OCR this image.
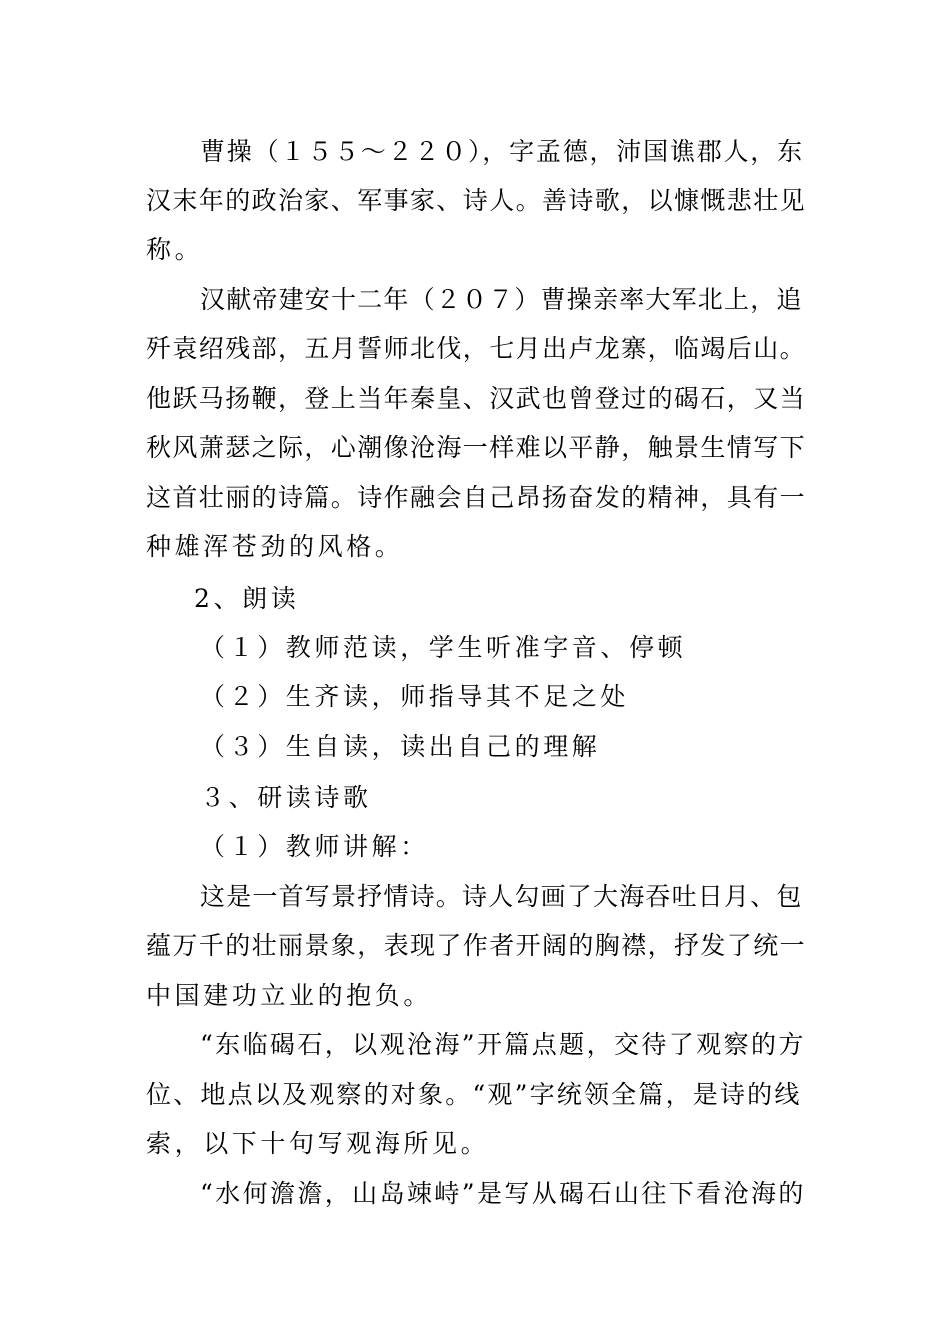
曹操（１５５～２２０），字孟德，沛国谯郡人，东
汉末年的政治家、军事家、诗人。善诗歌，以慷慨悲壮见
称。
汉献帝建安十二年（２０７）曹操亲率大军北上，追
歼袁绍残部，五月誓师北伐，七月出卢龙寨，临竭后山。
他跃马扬鞭，登上当年秦皇、汉武也曾登过的碣石，又当
秋风萧瑟之际，心潮像沧海一样难以平静，触景生情写下
这首壮丽的诗篇。诗作融会自己昂扬奋发的精神，具有一
种雄浑苍劲的风格。
2、朗读
（１）教师范读，学生听准字音、停顿
（２）生齐读，师指导其不足之处
（３）生自读，读出自己的理解
３、研读诗歌
（１）教师讲解：
这是一首写景抒情诗。诗人勾画了大海吞吐日月、包
蕴万千的壮丽景象，表现了作者开阔的胸襟，抒发了统一
中国建功立业的抱负。
“东临碣石，以观沧海”开篇点题，交待了观察的方
位、地点以及观察的对象。“观”字统领全篇，是诗的线
索，以下十句写观海所见。
“水何澹澹，山岛竦峙”是写从碣石山往下看沧海的
